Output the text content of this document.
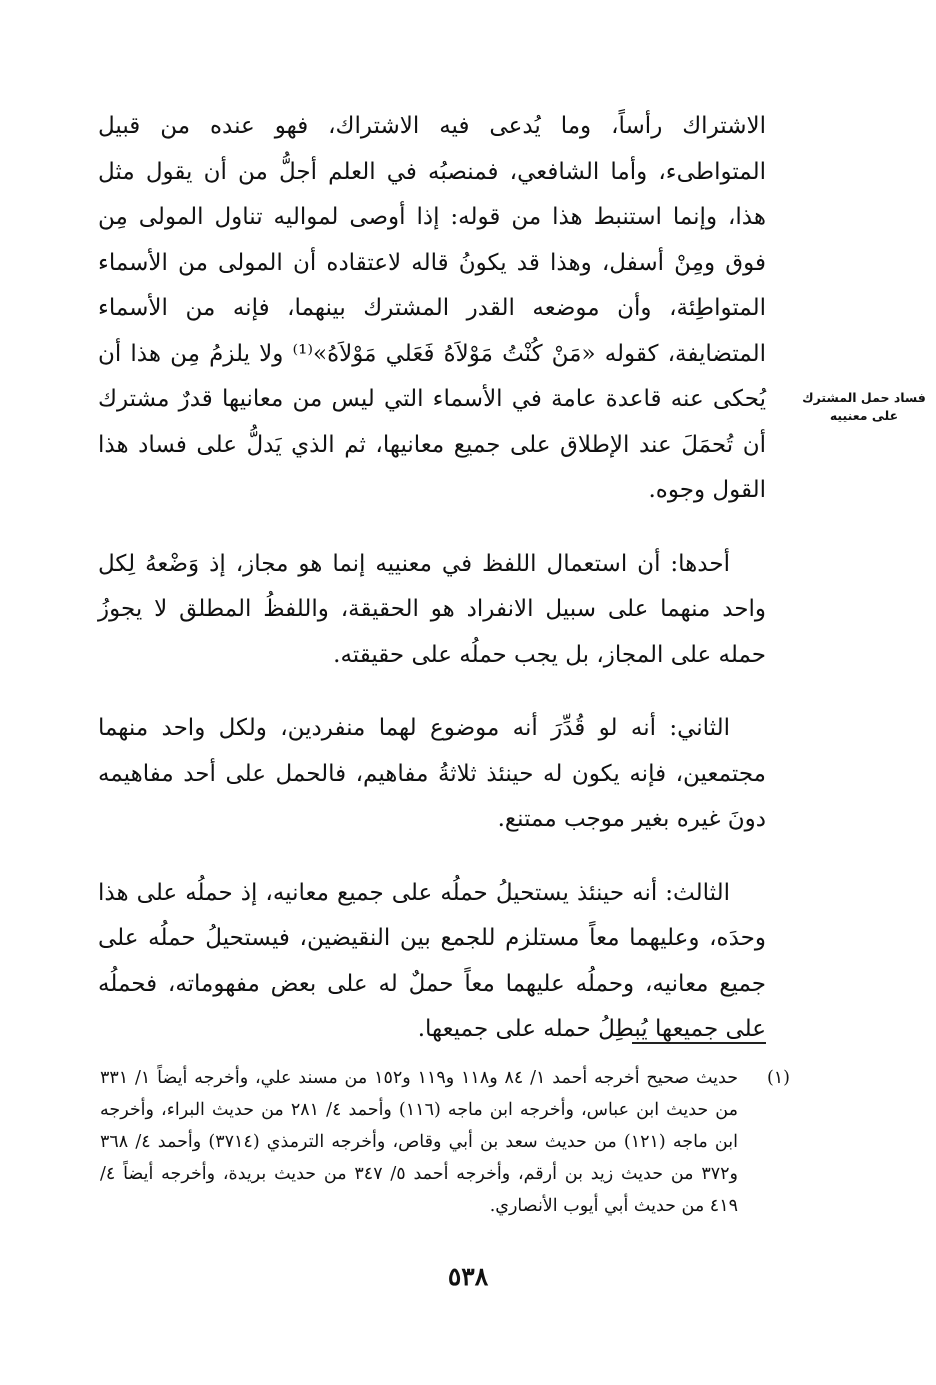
فساد حمل المشترك على معنييه

الاشتراك رأساً، وما يُدعى فيه الاشتراك، فهو عنده من قبيل المتواطىء، وأما الشافعي، فمنصبُه في العلم أجلُّ من أن يقول مثل هذا، وإنما استنبط هذا من قوله: إذا أوصى لمواليه تناول المولى مِن فوق ومِنْ أسفل، وهذا قد يكونُ قاله لاعتقاده أن المولى من الأسماء المتواطِئة، وأن موضعه القدر المشترك بينهما، فإنه من الأسماء المتضايفة، كقوله «مَنْ كُنْتُ مَوْلاَهُ فَعَلي مَوْلاَهُ»⁽¹⁾ ولا يلزمُ مِن هذا أن يُحكى عنه قاعدة عامة في الأسماء التي ليس من معانيها قدرٌ مشترك أن تُحمَلَ عند الإطلاق على جميع معانيها، ثم الذي يَدلُّ على فساد هذا القول وجوه.

أحدها: أن استعمال اللفظ في معنييه إنما هو مجاز، إذ وَضْعهُ لِكل واحد منهما على سبيل الانفراد هو الحقيقة، واللفظُ المطلق لا يجوزُ حمله على المجاز، بل يجب حملُه على حقيقته.

الثاني: أنه لو قُدِّرَ أنه موضوع لهما منفردين، ولكل واحد منهما مجتمعين، فإنه يكون له حينئذ ثلاثةُ مفاهيم، فالحمل على أحد مفاهيمه دونَ غيره بغير موجب ممتنع.

الثالث: أنه حينئذ يستحيلُ حملُه على جميع معانيه، إذ حملُه على هذا وحدَه، وعليهما معاً مستلزم للجمع بين النقيضين، فيستحيلُ حملُه على جميع معانيه، وحملُه عليهما معاً حملٌ له على بعض مفهوماته، فحملُه على جميعها يُبطِلُ حمله على جميعها.

(١)
حديث صحيح أخرجه أحمد ١/ ٨٤ و١١٨ و١١٩ و١٥٢ من مسند علي، وأخرجه أيضاً ١/ ٣٣١ من حديث ابن عباس، وأخرجه ابن ماجه (١١٦) وأحمد ٤/ ٢٨١ من حديث البراء، وأخرجه ابن ماجه (١٢١) من حديث سعد بن أبي وقاص، وأخرجه الترمذي (٣٧١٤) وأحمد ٤/ ٣٦٨ و٣٧٢ من حديث زيد بن أرقم، وأخرجه أحمد ٥/ ٣٤٧ من حديث بريدة، وأخرجه أيضاً ٤/ ٤١٩ من حديث أبي أيوب الأنصاري.
٥٣٨
